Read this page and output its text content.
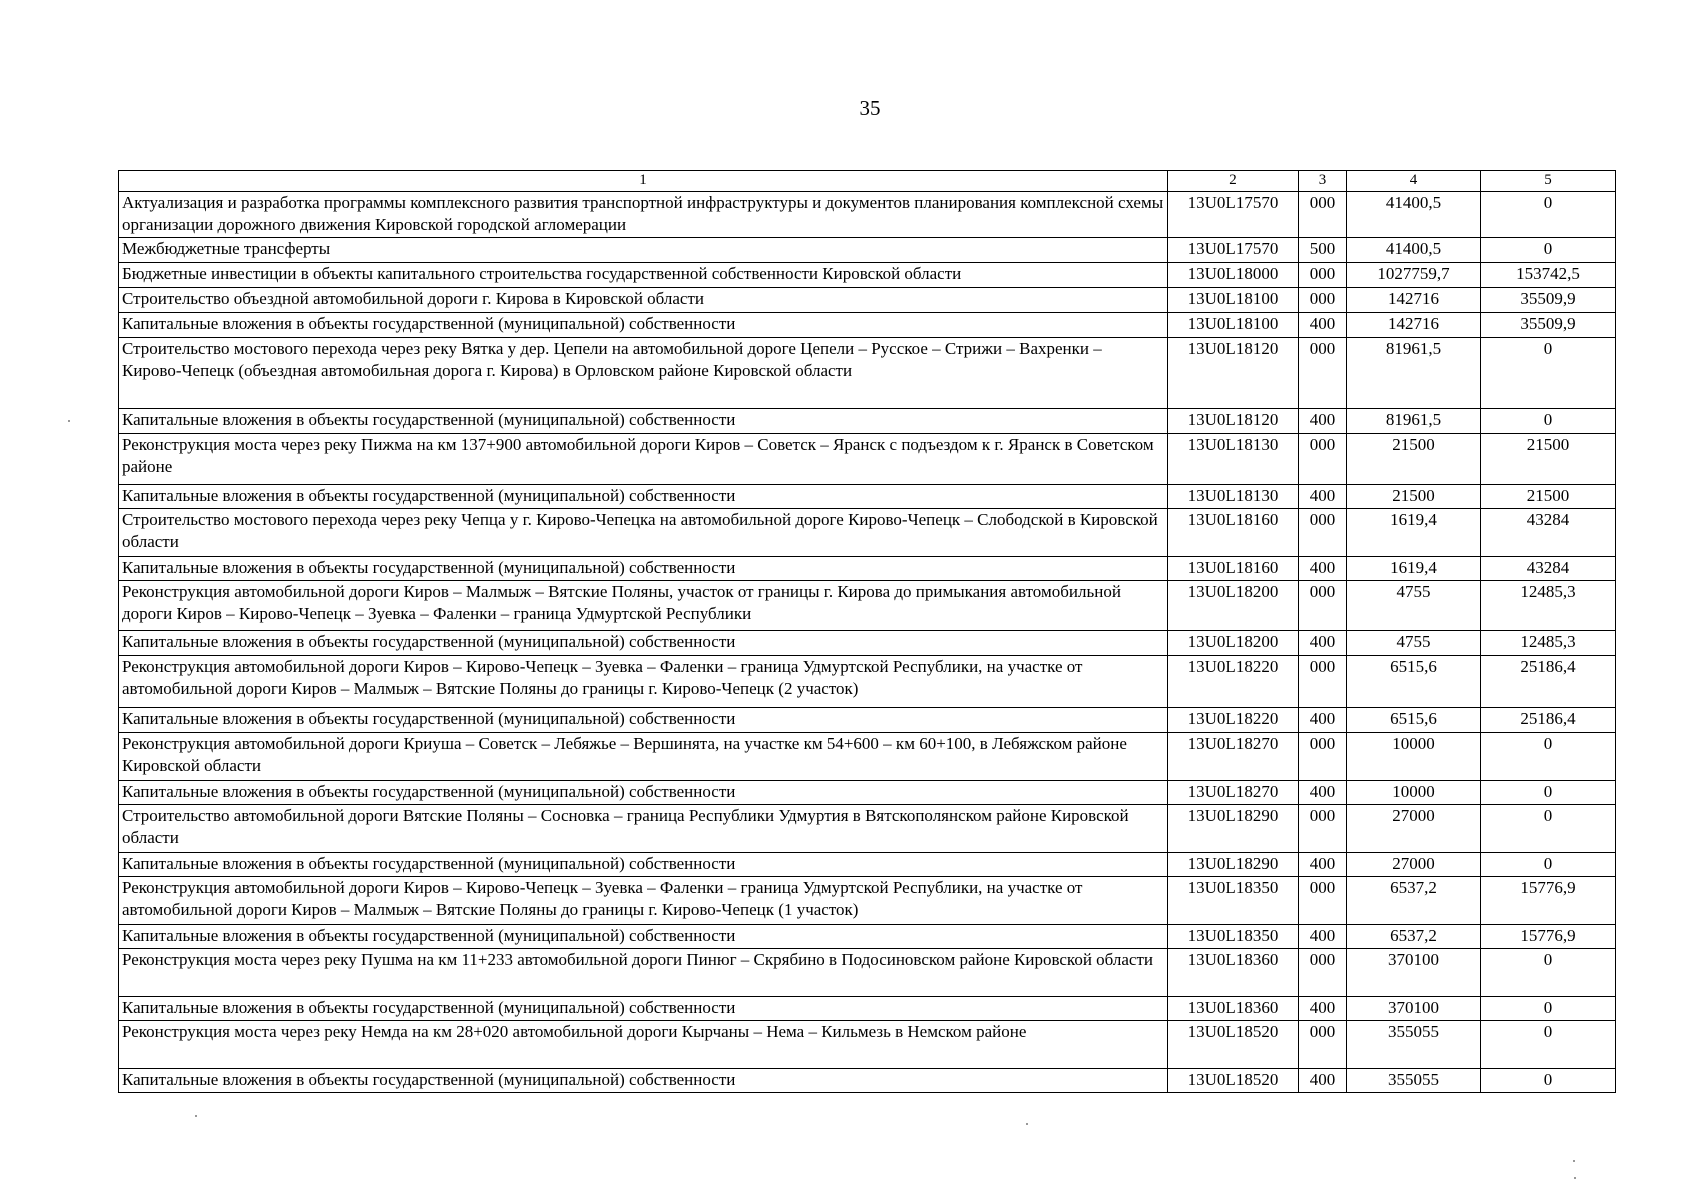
35
1	2	3	4	5
Актуализация и разработка программы комплексного развития транспортной инфраструктуры и документов планирования комплексной схемы организации дорожного движения Кировской городской агломерации	13U0L17570	000	41400,5	0
Межбюджетные трансферты	13U0L17570	500	41400,5	0
Бюджетные инвестиции в объекты капитального строительства государственной собственности Кировской области	13U0L18000	000	1027759,7	153742,5
Строительство объездной автомобильной дороги г. Кирова в Кировской области	13U0L18100	000	142716	35509,9
Капитальные вложения в объекты государственной (муниципальной) собственности	13U0L18100	400	142716	35509,9
Строительство мостового перехода через реку Вятка у дер. Цепели на автомобильной дороге Цепели – Русское – Стрижи – Вахренки – Кирово-Чепецк (объездная автомобильная дорога г. Кирова) в Орловском районе Кировской области	13U0L18120	000	81961,5	0
Капитальные вложения в объекты государственной (муниципальной) собственности	13U0L18120	400	81961,5	0
Реконструкция моста через реку Пижма на км 137+900 автомобильной дороги Киров – Советск – Яранск с подъездом к г. Яранск в Советском районе	13U0L18130	000	21500	21500
Капитальные вложения в объекты государственной (муниципальной) собственности	13U0L18130	400	21500	21500
Строительство мостового перехода через реку Чепца у г. Кирово-Чепецка на автомобильной дороге Кирово-Чепецк – Слободской в Кировской области	13U0L18160	000	1619,4	43284
Капитальные вложения в объекты государственной (муниципальной) собственности	13U0L18160	400	1619,4	43284
Реконструкция автомобильной дороги Киров – Малмыж – Вятские Поляны, участок от границы г. Кирова до примыкания автомобильной дороги Киров – Кирово-Чепецк – Зуевка – Фаленки – граница Удмуртской Республики	13U0L18200	000	4755	12485,3
Капитальные вложения в объекты государственной (муниципальной) собственности	13U0L18200	400	4755	12485,3
Реконструкция автомобильной дороги Киров – Кирово-Чепецк – Зуевка – Фаленки – граница Удмуртской Республики, на участке от автомобильной дороги Киров – Малмыж – Вятские Поляны до границы г. Кирово-Чепецк (2 участок)	13U0L18220	000	6515,6	25186,4
Капитальные вложения в объекты государственной (муниципальной) собственности	13U0L18220	400	6515,6	25186,4
Реконструкция автомобильной дороги Криуша – Советск – Лебяжье – Вершинята, на участке км 54+600 – км 60+100, в Лебяжском районе Кировской области	13U0L18270	000	10000	0
Капитальные вложения в объекты государственной (муниципальной) собственности	13U0L18270	400	10000	0
Строительство автомобильной дороги Вятские Поляны – Сосновка – граница Республики Удмуртия в Вятскополянском районе Кировской области	13U0L18290	000	27000	0
Капитальные вложения в объекты государственной (муниципальной) собственности	13U0L18290	400	27000	0
Реконструкция автомобильной дороги Киров – Кирово-Чепецк – Зуевка – Фаленки – граница Удмуртской Республики, на участке от автомобильной дороги Киров – Малмыж – Вятские Поляны до границы г. Кирово-Чепецк (1 участок)	13U0L18350	000	6537,2	15776,9
Капитальные вложения в объекты государственной (муниципальной) собственности	13U0L18350	400	6537,2	15776,9
Реконструкция моста через реку Пушма на км 11+233 автомобильной дороги Пинюг – Скрябино в Подосиновском районе Кировской области	13U0L18360	000	370100	0
Капитальные вложения в объекты государственной (муниципальной) собственности	13U0L18360	400	370100	0
Реконструкция моста через реку Немда на км 28+020 автомобильной дороги Кырчаны – Нема – Кильмезь в Немском районе	13U0L18520	000	355055	0
Капитальные вложения в объекты государственной (муниципальной) собственности	13U0L18520	400	355055	0
